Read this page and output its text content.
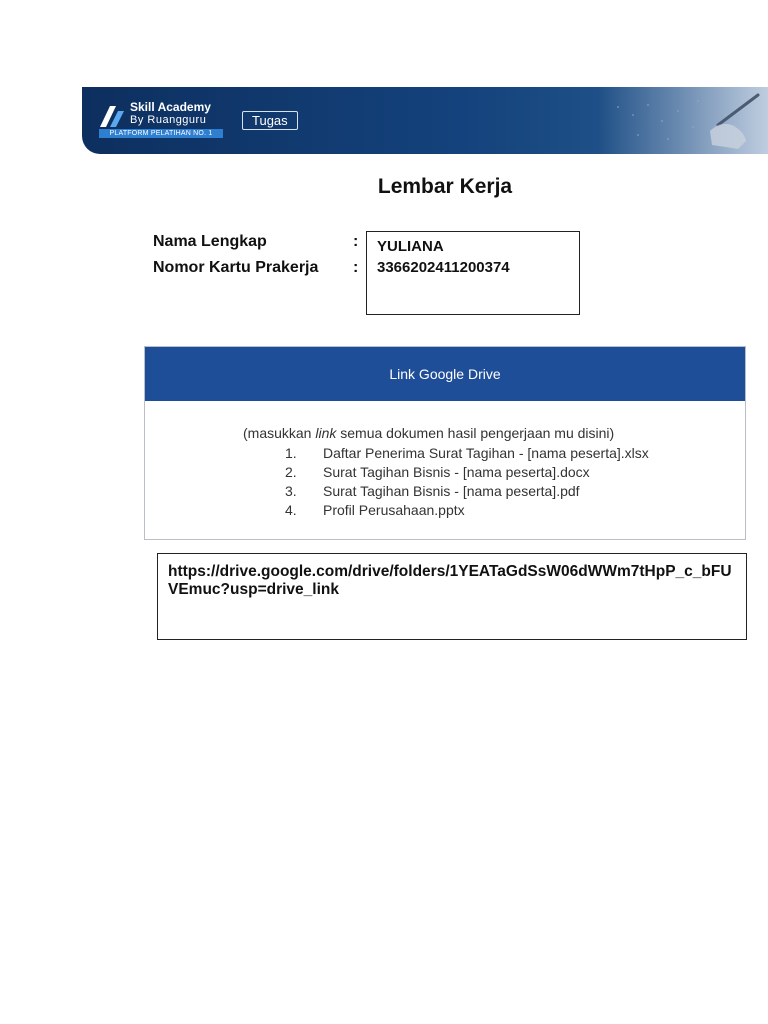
Skill Academy
By Ruangguru
PLATFORM PELATIHAN NO. 1
Tugas
Lembar Kerja
Nama Lengkap	:
Nomor Kartu Prakerja :
YULIANA
3366202411200374
Link Google Drive
(masukkan link semua dokumen hasil pengerjaan mu disini)
1. Daftar Penerima Surat Tagihan - [nama peserta].xlsx
2. Surat Tagihan Bisnis - [nama peserta].docx
3. Surat Tagihan Bisnis - [nama peserta].pdf
4. Profil Perusahaan.pptx
https://drive.google.com/drive/folders/1YEATaGdSsW06dWWm7tHpP_c_bFUVEmuc?usp=drive_link
